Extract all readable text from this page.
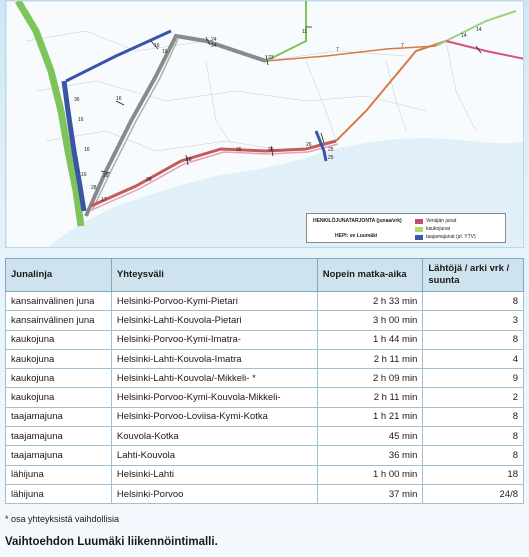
16
16
24
24
23
11
7
7
16
16
16
14
14
28
28
18
28
26
26
26
17
16
25
25
36
HENKILÖJUNATARJONTA (junaa/vrk)
HEPI: ve Luumäki
Venäjän junat
kaukojunat
taajamajunat (pl. YTV)
Junalinja	Yhteysväli	Nopein matka-aika	Lähtöjä / arki vrk / suunta
kansainvälinen juna	Helsinki-Porvoo-Kymi-Pietari	2 h 33 min	8
kansainvälinen juna	Helsinki-Lahti-Kouvola-Pietari	3 h 00 min	3
kaukojuna	Helsinki-Porvoo-Kymi-Imatra-	1 h 44 min	8
kaukojuna	Helsinki-Lahti-Kouvola-Imatra	2 h 11 min	4
kaukojuna	Helsinki-Lahti-Kouvola/-Mikkeli- *	2 h 09 min	9
kaukojuna	Helsinki-Porvoo-Kymi-Kouvola-Mikkeli-	2 h 11 min	2
taajamajuna	Helsinki-Porvoo-Loviisa-Kymi-Kotka	1 h 21 min	8
taajamajuna	Kouvola-Kotka	45 min	8
taajamajuna	Lahti-Kouvola	36 min	8
lähijuna	Helsinki-Lahti	1 h 00 min	18
lähijuna	Helsinki-Porvoo	37 min	24/8
* osa yhteyksistä vaihdollisia
Vaihtoehdon Luumäki liikennöintimalli.
